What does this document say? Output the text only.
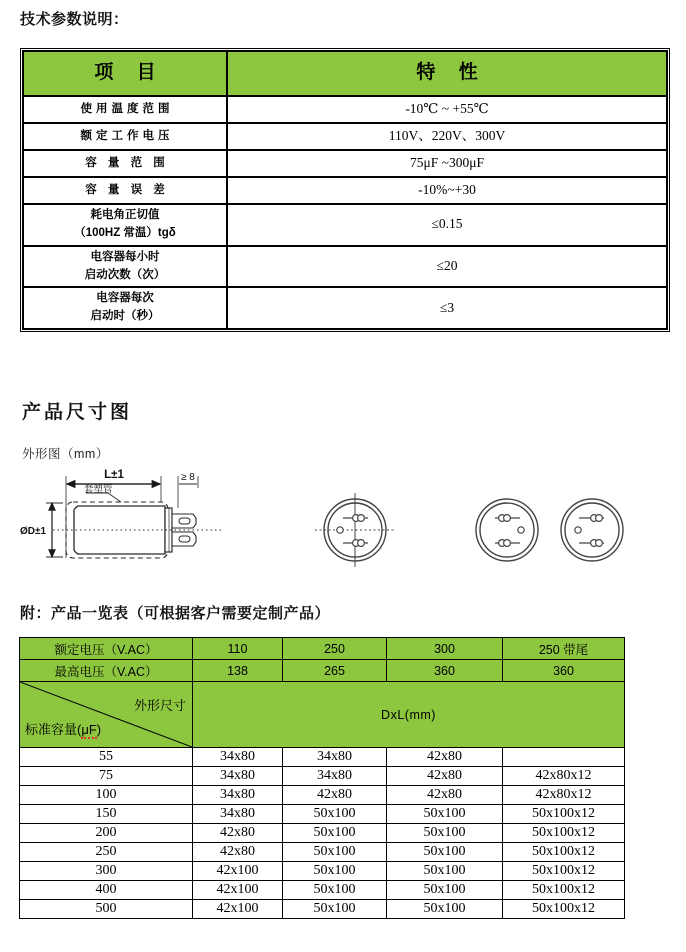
技术参数说明：
项 目	特 性
使用温度范围	-10℃ ~ +55℃
额定工作电压	110V、220V、300V
容 量 范 围	75μF ~300μF
容 量 误 差	-10%~+30

耗电角正切值
（100HZ 常温）tgδ	≤0.15

电容器每小时
启动次数（次）	≤20

电容器每次
启动时（秒）	≤3
产品尺寸图
外形图（mm）
L±1
套塑管
≥ 8
ØD±1
附：产品一览表（可根据客户需要定制产品）
额定电压（V.AC）	110	250	300	250 带尾
最高电压（V.AC）	138	265	360	360

外形尺寸
标准容量(μF)	DxL(mm)			
55	34x80	34x80	42x80	
75	34x80	34x80	42x80	42x80x12
100	34x80	42x80	42x80	42x80x12
150	34x80	50x100	50x100	50x100x12
200	42x80	50x100	50x100	50x100x12
250	42x80	50x100	50x100	50x100x12
300	42x100	50x100	50x100	50x100x12
400	42x100	50x100	50x100	50x100x12
500	42x100	50x100	50x100	50x100x12
